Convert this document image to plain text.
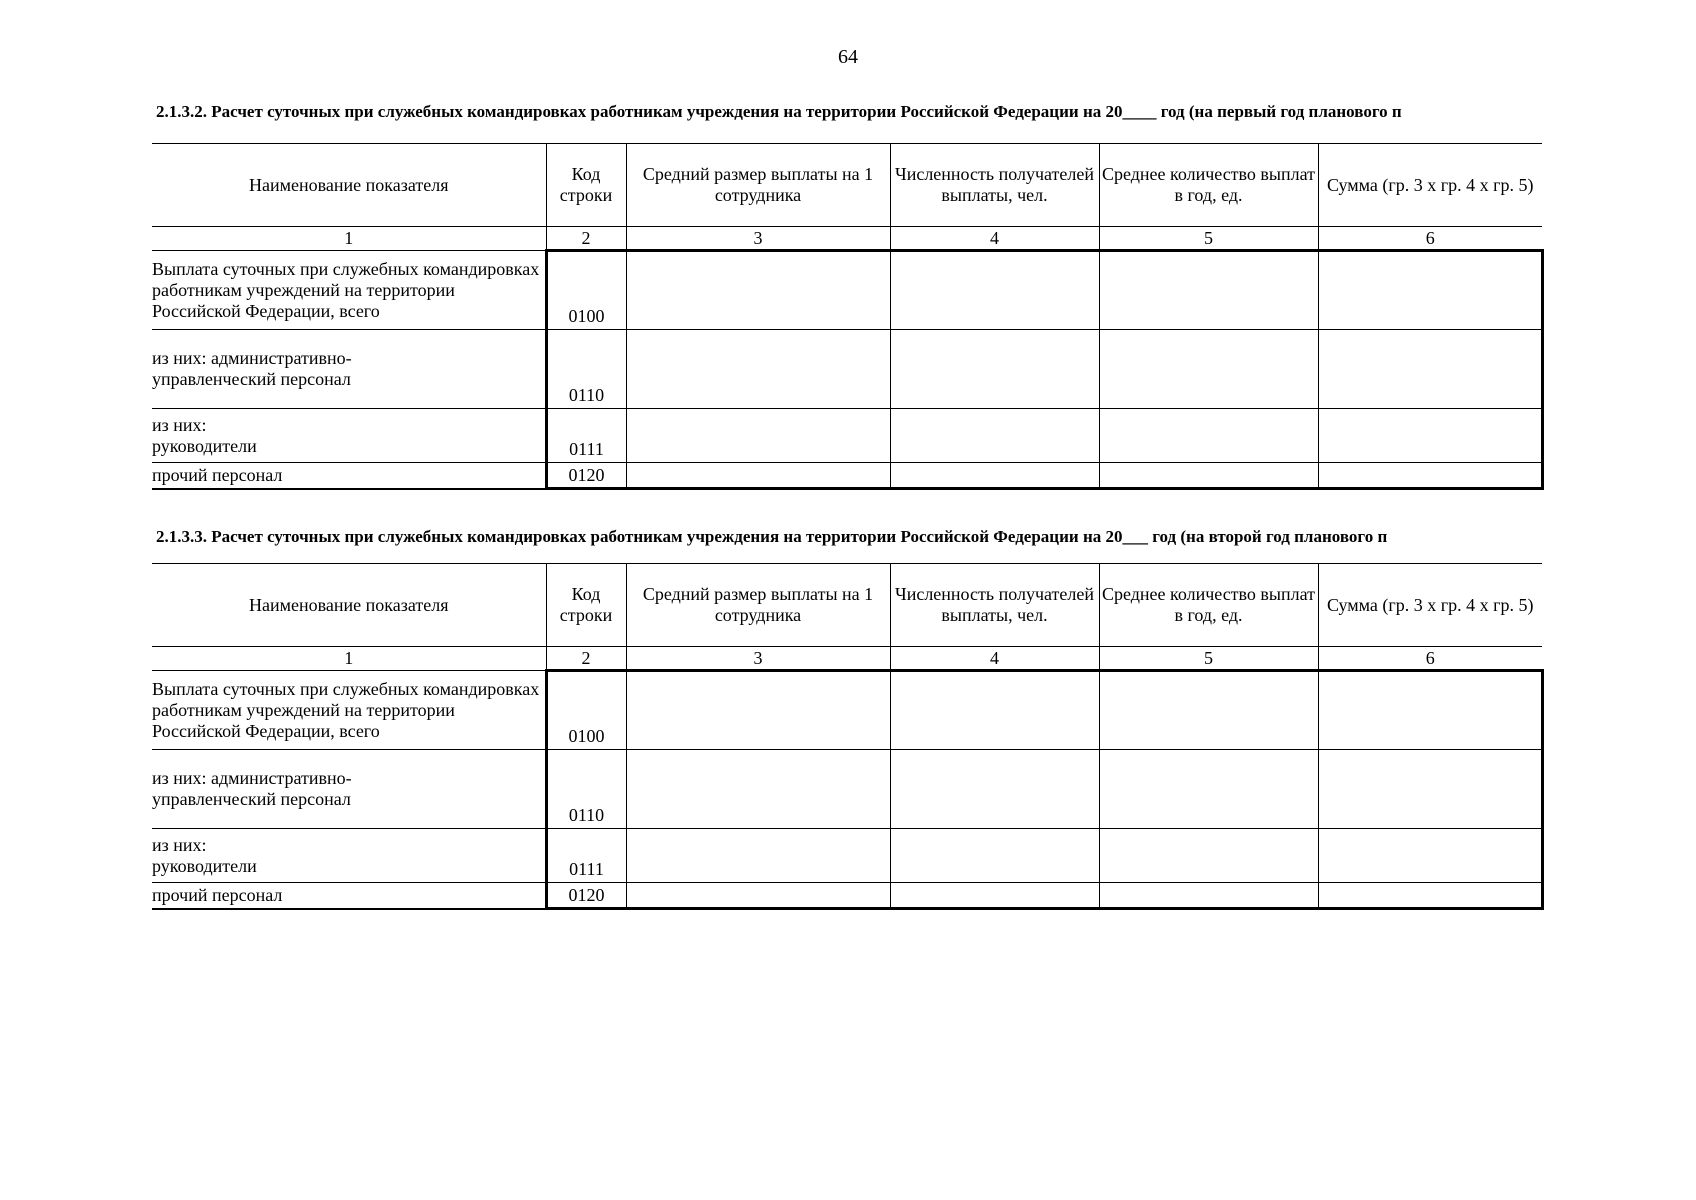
64
2.1.3.2. Расчет суточных при служебных командировках работникам учреждения на территории Российской Федерации на 20____ год (на первый год планового п
Наименование показателя	Код строки	Средний размер выплаты на 1 сотрудника	Численность получателей выплаты, чел.	Среднее количество выплат в год, ед.	Сумма (гр. 3 х гр. 4 х гр. 5)
1	2	3	4	5	6

Выплата суточных при служебных командировках работникам учреждений на территории Российской Федерации, всего	0100				

из них: административно-управленческий персонал	0110				

из них: руководители	0111				
прочий персонал	0120				
2.1.3.3. Расчет суточных при служебных командировках работникам учреждения на территории Российской Федерации на 20___ год (на второй год планового п
Наименование показателя	Код строки	Средний размер выплаты на 1 сотрудника	Численность получателей выплаты, чел.	Среднее количество выплат в год, ед.	Сумма (гр. 3 х гр. 4 х гр. 5)
1	2	3	4	5	6

Выплата суточных при служебных командировках работникам учреждений на территории Российской Федерации, всего	0100				

из них: административно-управленческий персонал	0110				

из них: руководители	0111				
прочий персонал	0120				
